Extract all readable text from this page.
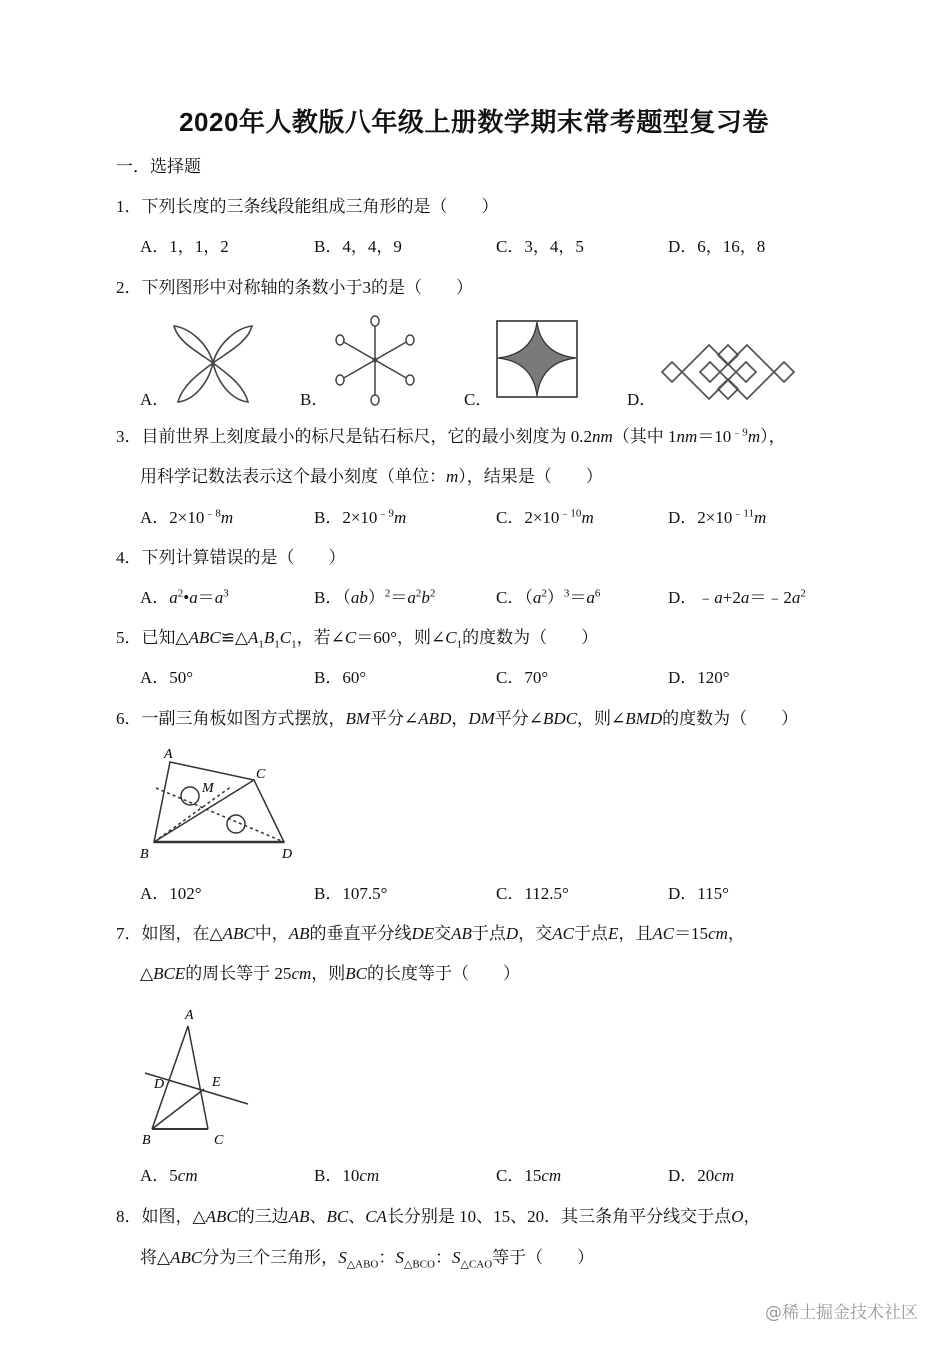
2020年人教版八年级上册数学期末常考题型复习卷
一．选择题
1．下列长度的三条线段能组成三角形的是（　　）
A．1，1，2	B．4，4，9	C．3，4，5	D．6，16，8
2．下列图形中对称轴的条数小于3的是（　　）
A．	B．	C．	D．
3．目前世界上刻度最小的标尺是钻石标尺，它的最小刻度为 0.2nm（其中 $1nm=10^{﹣9}m$），
用科学记数法表示这个最小刻度（单位：m），结果是（　　）
A．$2\times 10^{﹣8}m$	B．$2\times 10^{﹣9}m$	C．$2\times 10^{﹣10}m$	D．$2\times 10^{﹣11}m$
4．下列计算错误的是（　　）
A．$a^2•a=a^3$	B．$(ab)^2=a^2b^2$	C．$(a^2)^3=a^6$	D．$﹣a+2a=﹣2a^2$
5．已知$\triangle ABC≌\triangle A_1B_1C_1$，若∠C＝60°，则$\angle C_1$的度数为（　　）
A．50°	B．60°	C．70°	D．120°
6．一副三角板如图方式摆放，BM平分∠ABD，DM平分∠BDC，则∠BMD的度数为（　　）
A
C
M
B	D
A．102°	B．107.5°	C．112.5°	D．115°
7．如图，在△ABC中，AB的垂直平分线DE交AB于点D，交AC于点E，且AC＝15cm，
△BCE的周长等于 25cm，则BC的长度等于（　　）
A
D	E
B	C
A．5cm	B．10cm	C．15cm	D．20cm
8．如图，△ABC的三边AB、BC、CA长分别是 10、15、20．其三条角平分线交于点O，
将△ABC分为三个三角形，$S_{\triangle ABO}$：$S_{\triangle BCO}$：$S_{\triangle CAO}$等于（　　）
@稀土掘金技术社区
